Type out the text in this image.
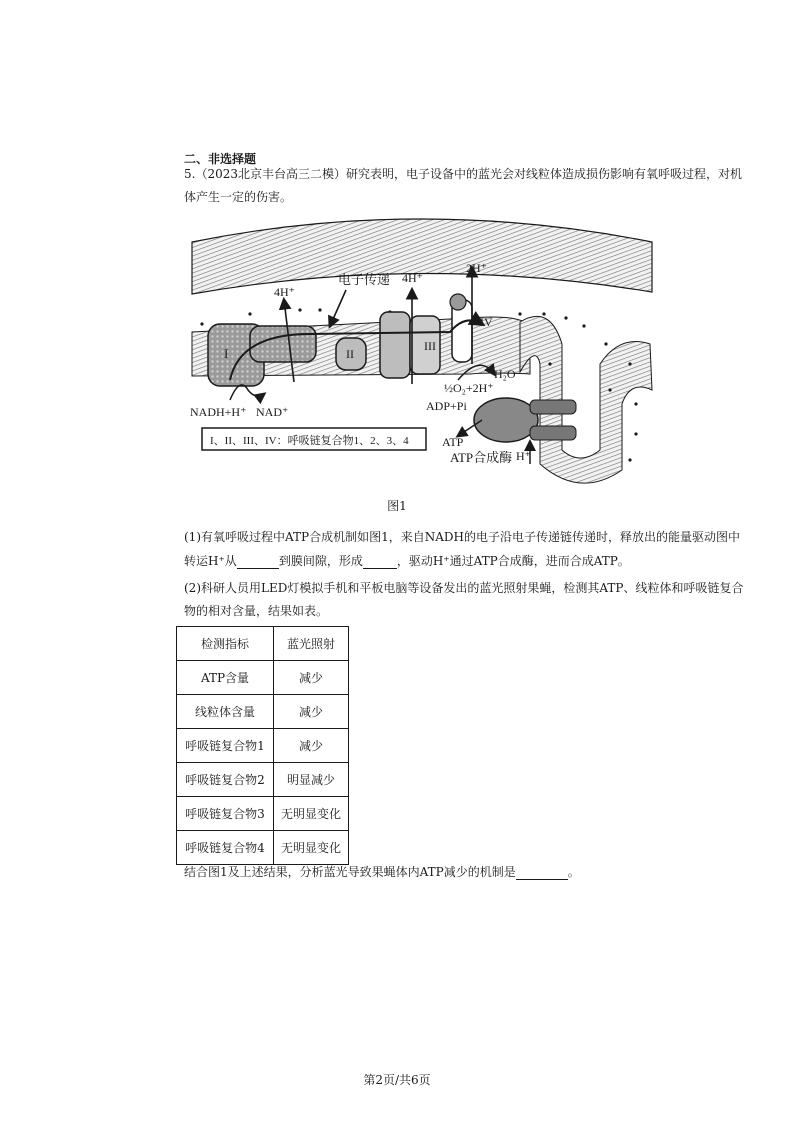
二、非选择题
5.（2023北京丰台高三二模）研究表明，电子设备中的蓝光会对线粒体造成损伤影响有氧呼吸过程，对机
体产生一定的伤害。
电子传递
4H⁺
4H⁺
2H⁺
I	II
III
IV
NADH+H⁺ NAD⁺
½O₂+2H⁺
H₂O
ADP+Pi
ATP
ATP合成酶 H⁺
I、II、III、IV：呼吸链复合物1、2、3、4
图1
(1)有氧呼吸过程中ATP合成机制如图1，来自NADH的电子沿电子传递链传递时，释放出的能量驱动图中
转运H⁺从	到膜间隙，形成	，驱动H⁺通过ATP合成酶，进而合成ATP。
(2)科研人员用LED灯模拟手机和平板电脑等设备发出的蓝光照射果蝇，检测其ATP、线粒体和呼吸链复合
物的相对含量，结果如表。
检测指标	蓝光照射
ATP含量	减少
线粒体含量	减少
呼吸链复合物1	减少
呼吸链复合物2	明显减少
呼吸链复合物3	无明显变化
呼吸链复合物4	无明显变化
结合图1及上述结果，分析蓝光导致果蝇体内ATP减少的机制是	。
第2页/共6页
